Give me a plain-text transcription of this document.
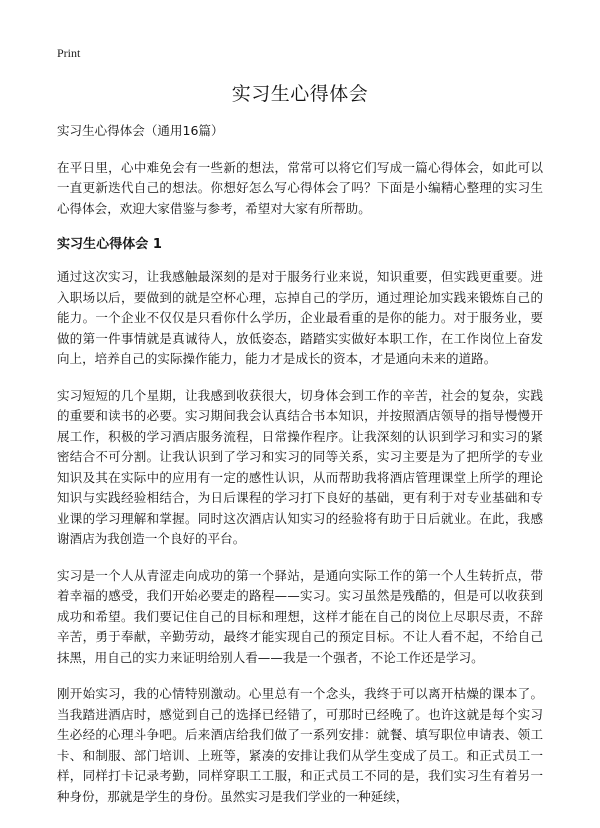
Print
实习生心得体会

实习生心得体会（通用16篇）

在平日里，心中难免会有一些新的想法，常常可以将它们写成一篇心得体会，如此可以一直更新迭代自己的想法。你想好怎么写心得体会了吗？下面是小编精心整理的实习生心得体会，欢迎大家借鉴与参考，希望对大家有所帮助。

实习生心得体会 1

通过这次实习，让我感触最深刻的是对于服务行业来说，知识重要，但实践更重要。进入职场以后，要做到的就是空杯心理，忘掉自己的学历，通过理论加实践来锻炼自己的能力。一个企业不仅仅是只看你什么学历，企业最看重的是你的能力。对于服务业，要做的第一件事情就是真诚待人，放低姿态，踏踏实实做好本职工作，在工作岗位上奋发向上，培养自己的实际操作能力，能力才是成长的资本，才是通向未来的道路。

实习短短的几个星期，让我感到收获很大，切身体会到工作的辛苦，社会的复杂，实践的重要和读书的必要。实习期间我会认真结合书本知识，并按照酒店领导的指导慢慢开展工作，积极的学习酒店服务流程，日常操作程序。让我深刻的认识到学习和实习的紧密结合不可分割。让我认识到了学习和实习的同等关系，实习主要是为了把所学的专业知识及其在实际中的应用有一定的感性认识，从而帮助我将酒店管理课堂上所学的理论知识与实践经验相结合，为日后课程的学习打下良好的基础，更有利于对专业基础和专业课的学习理解和掌握。同时这次酒店认知实习的经验将有助于日后就业。在此，我感谢酒店为我创造一个良好的平台。

实习是一个人从青涩走向成功的第一个驿站，是通向实际工作的第一个人生转折点，带着幸福的感受，我们开始必要走的路程——实习。实习虽然是残酷的，但是可以收获到成功和希望。我们要记住自己的目标和理想，这样才能在自己的岗位上尽职尽责，不辞辛苦，勇于奉献，辛勤劳动，最终才能实现自己的预定目标。不让人看不起，不给自己抹黑，用自己的实力来证明给别人看——我是一个强者，不论工作还是学习。

刚开始实习，我的心情特别激动。心里总有一个念头，我终于可以离开枯燥的课本了。当我踏进酒店时，感觉到自己的选择已经错了，可那时已经晚了。也许这就是每个实习生必经的心理斗争吧。后来酒店给我们做了一系列安排：就餐、填写职位申请表、领工卡、和制服、部门培训、上班等，紧凑的安排让我们从学生变成了员工。和正式员工一样，同样打卡记录考勤，同样穿职工工服，和正式员工不同的是，我们实习生有着另一种身份，那就是学生的身份。虽然实习是我们学业的一种延续，
